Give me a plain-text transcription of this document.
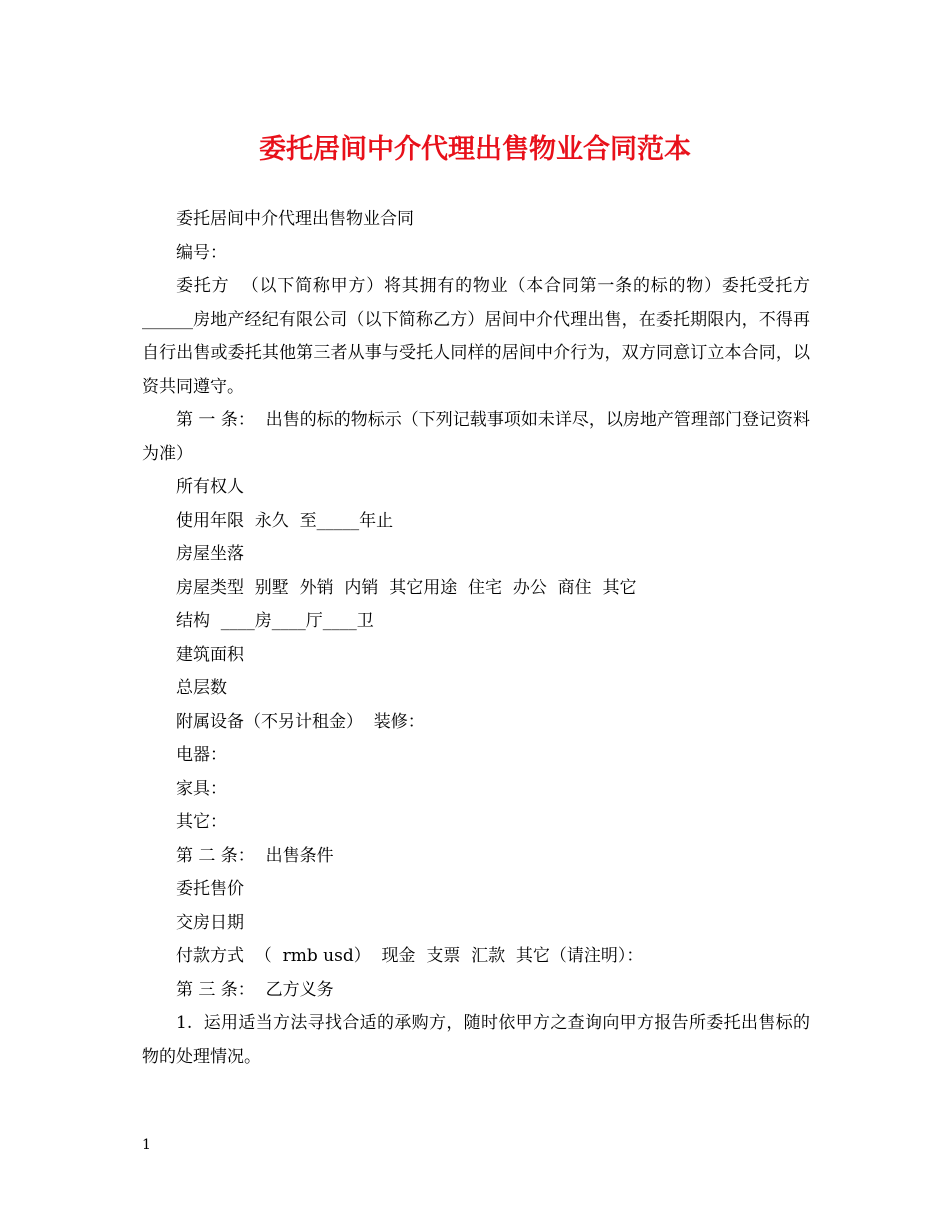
委托居间中介代理出售物业合同范本

委托居间中介代理出售物业合同

编号：

委托方  （以下简称甲方）将其拥有的物业（本合同第一条的标的物）委托受托方______房地产经纪有限公司（以下简称乙方）居间中介代理出售，在委托期限内，不得再自行出售或委托其他第三者从事与受托人同样的居间中介行为，双方同意订立本合同，以资共同遵守。

第 一 条：  出售的标的物标示（下列记载事项如未详尽，以房地产管理部门登记资料为准）

所有权人

使用年限  永久  至_____年止

房屋坐落

房屋类型  别墅  外销  内销  其它用途  住宅  办公  商住  其它

结构  ____房____厅____卫

建筑面积

总层数

附属设备（不另计租金）  装修：

电器：

家具：

其它：

第 二 条：  出售条件

委托售价

交房日期

付款方式  （  rmb usd）  现金  支票  汇款  其它（请注明）：

第 三 条：  乙方义务

1.  运用适当方法寻找合适的承购方，随时依甲方之查询向甲方报告所委托出售标的物的处理情况。

1
